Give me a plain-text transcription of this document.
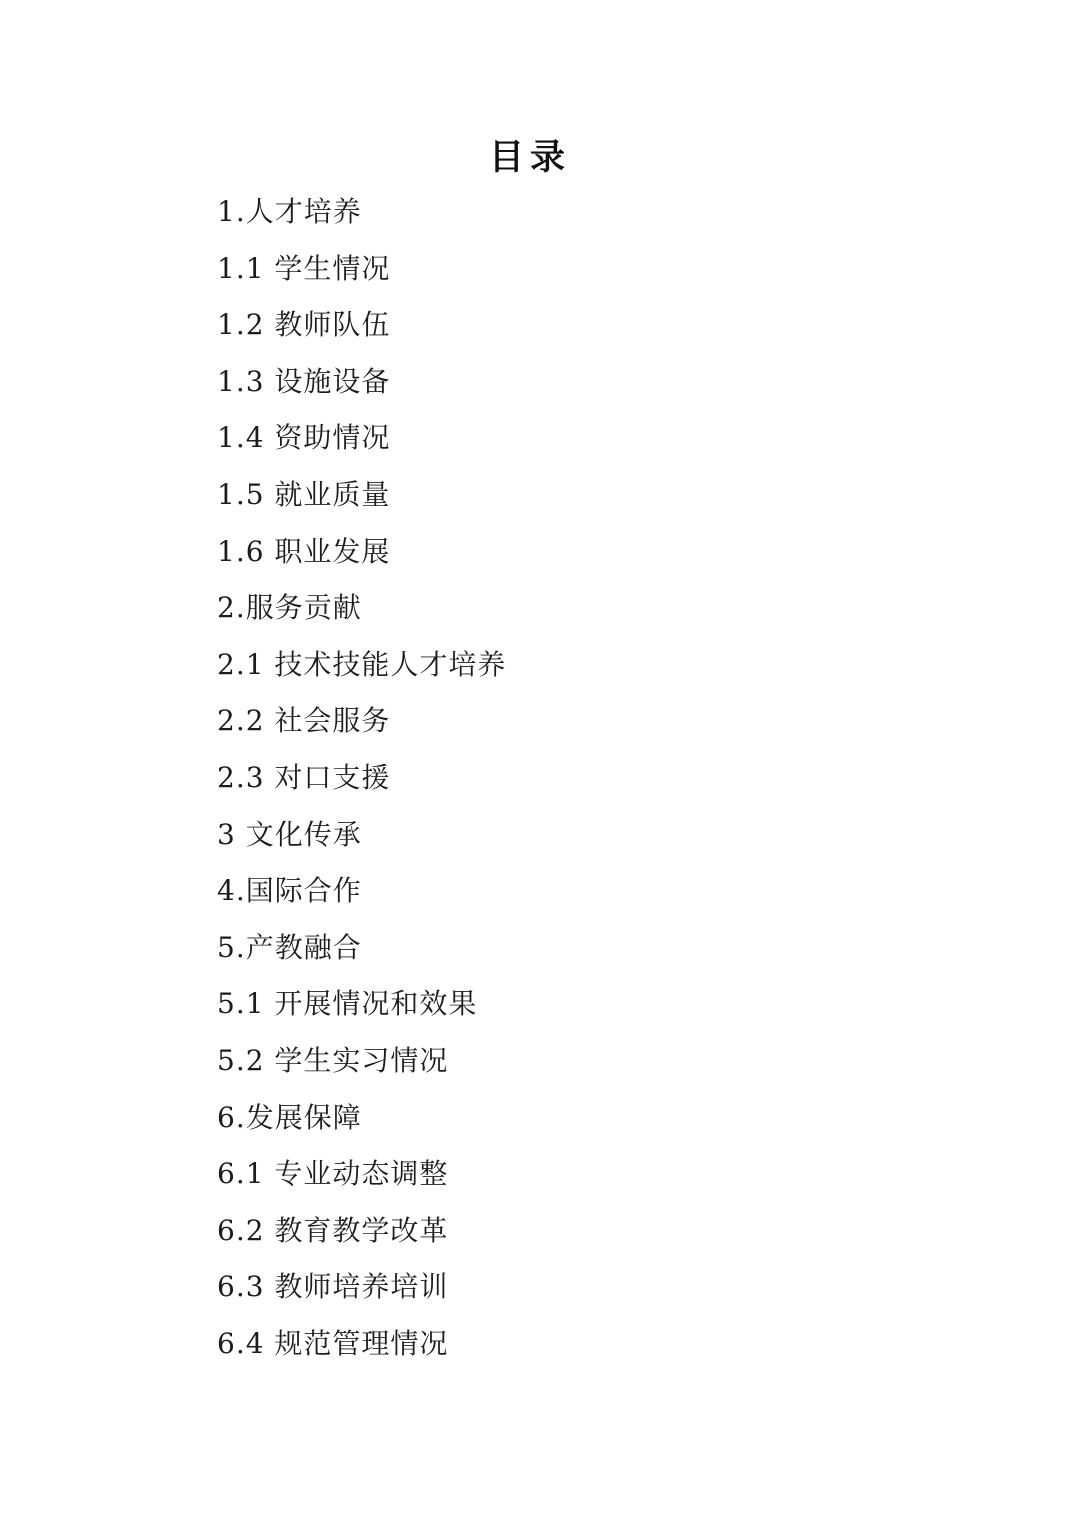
目录
1.人才培养
1.1 学生情况
1.2 教师队伍
1.3 设施设备
1.4 资助情况
1.5 就业质量
1.6 职业发展
2.服务贡献
2.1 技术技能人才培养
2.2 社会服务
2.3 对口支援
3 文化传承
4.国际合作
5.产教融合
5.1 开展情况和效果
5.2 学生实习情况
6.发展保障
6.1 专业动态调整
6.2 教育教学改革
6.3 教师培养培训
6.4 规范管理情况
